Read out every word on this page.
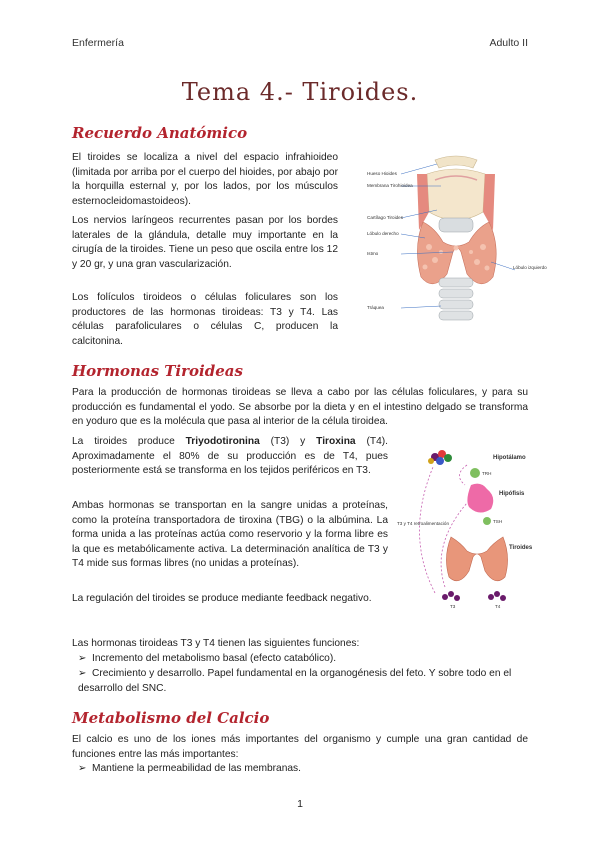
Enfermería	Adulto II
Tema 4.- Tiroides.
Recuerdo Anatómico

El tiroides se localiza a nivel del espacio infrahioideo (limitada por arriba por el cuerpo del hioides, por abajo por la horquilla esternal y, por los lados, por los músculos esternocleidomastoideos).

Los nervios laríngeos recurrentes pasan por los bordes laterales de la glándula, detalle muy importante en la cirugía de la tiroides. Tiene un peso que oscila entre los 12 y 20 gr, y una gran vascularización.

Los folículos tiroideos o células foliculares son los productores de las hormonas tiroideas: T3 y T4. Las células parafoliculares o células C, producen la calcitonina.

Hueso Hioides
Membrana Tirohioidea
Cartílago Tiroides
Lóbulo derecho
Istmo
Lóbulo izquierdo
Tráquea
Hormonas Tiroideas

Para la producción de hormonas tiroideas se lleva a cabo por las células foliculares, y para su producción es fundamental el yodo. Se absorbe por la dieta y en el intestino delgado se transforma en yoduro que es la molécula que pasa al interior de la célula tiroidea.

La tiroides produce Triyodotironina (T3) y Tiroxina (T4). Aproximadamente el 80% de su producción es de T4, pues posteriormente está se transforma en los tejidos periféricos en T3.

Ambas hormonas se transportan en la sangre unidas a proteínas, como la proteína transportadora de tiroxina (TBG) o la albúmina. La forma unida a las proteínas actúa como reservorio y la forma libre es la que es metabólicamente activa. La determinación analítica de T3 y T4 mide sus formas libres (no unidas a proteínas).

La regulación del tiroides se produce mediante feedback negativo.

Hipotálamo
TRH
Hipófisis
TSH
Tiroides
T3	T4
T3 y T4 retroalimentación

Las hormonas tiroideas T3 y T4 tienen las siguientes funciones:

➢ Incremento del metabolismo basal (efecto catabólico).

➢ Crecimiento y desarrollo. Papel fundamental en la organogénesis del feto. Y sobre todo en el desarrollo del SNC.

Metabolismo del Calcio

El calcio es uno de los iones más importantes del organismo y cumple una gran cantidad de funciones entre las más importantes:

➢ Mantiene la permeabilidad de las membranas.

1
